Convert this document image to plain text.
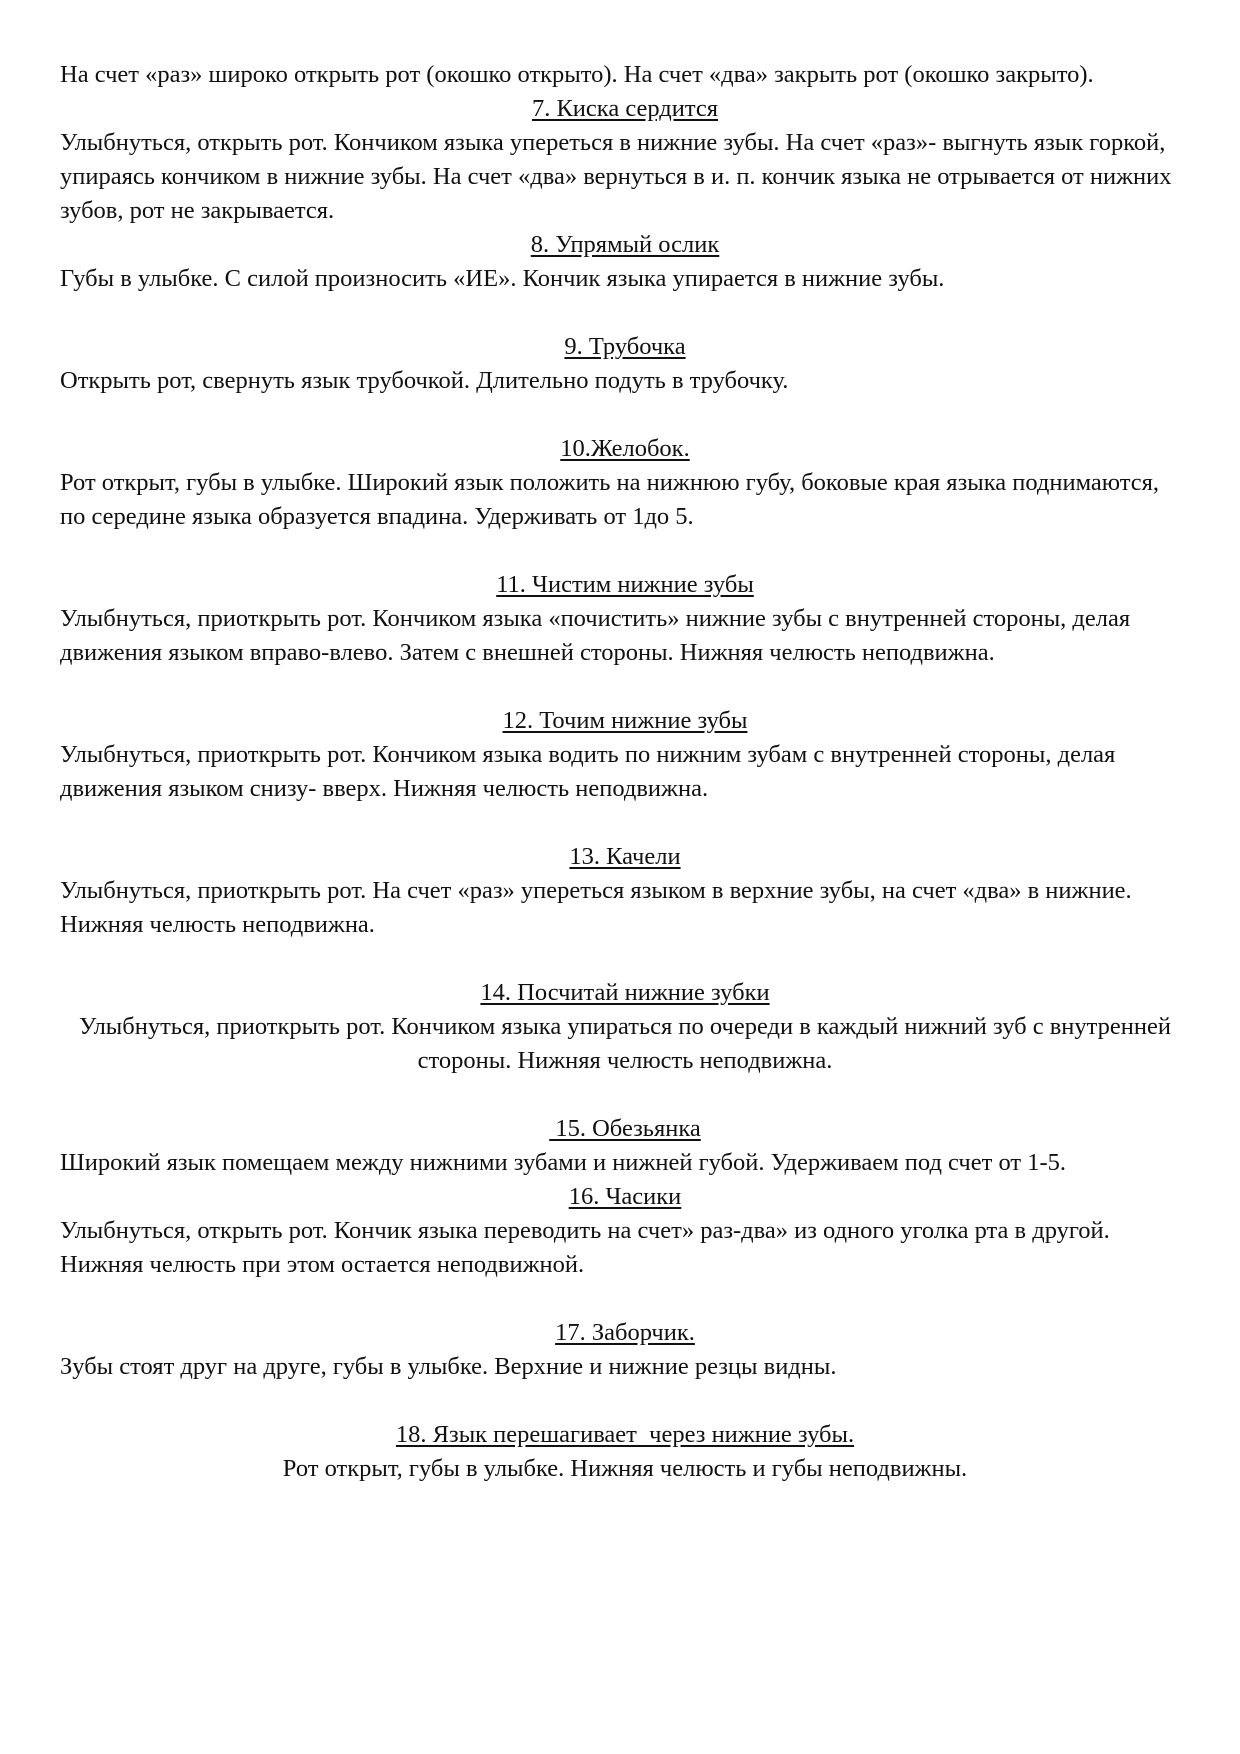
На счет «раз» широко открыть рот (окошко открыто). На счет «два» закрыть рот (окошко закрыто).

7. Киска сердится

Улыбнуться, открыть рот. Кончиком языка упереться в нижние зубы. На счет «раз»- выгнуть язык горкой, упираясь кончиком в нижние зубы. На счет «два» вернуться в и. п. кончик языка не отрывается от нижних зубов, рот не закрывается.

8. Упрямый ослик

Губы в улыбке. С силой произносить «ИЕ». Кончик языка упирается в нижние зубы.

9. Трубочка

Открыть рот, свернуть язык трубочкой. Длительно подуть в трубочку.

10.Желобок.

Рот открыт, губы в улыбке. Широкий язык положить на нижнюю губу, боковые края языка поднимаются, по середине языка образуется впадина. Удерживать от 1до 5.

11. Чистим нижние зубы

Улыбнуться, приоткрыть рот. Кончиком языка «почистить» нижние зубы с внутренней стороны, делая движения языком вправо-влево. Затем с внешней стороны. Нижняя челюсть неподвижна.

12. Точим нижние зубы

Улыбнуться, приоткрыть рот. Кончиком языка водить по нижним зубам с внутренней стороны, делая движения языком снизу- вверх. Нижняя челюсть неподвижна.

13. Качели

Улыбнуться, приоткрыть рот. На счет «раз» упереться языком в верхние зубы, на счет «два» в нижние. Нижняя челюсть неподвижна.

14. Посчитай нижние зубки

Улыбнуться, приоткрыть рот. Кончиком языка упираться по очереди в каждый нижний зуб с внутренней стороны. Нижняя челюсть неподвижна.

15. Обезьянка

Широкий язык помещаем между нижними зубами и нижней губой. Удерживаем под счет от 1-5.

16. Часики

Улыбнуться, открыть рот. Кончик языка переводить на счет» раз-два» из одного уголка рта в другой. Нижняя челюсть при этом остается неподвижной.

17. Заборчик.

Зубы стоят друг на друге, губы в улыбке. Верхние и нижние резцы видны.

18. Язык перешагивает  через нижние зубы.

Рот открыт, губы в улыбке. Нижняя челюсть и губы неподвижны.
